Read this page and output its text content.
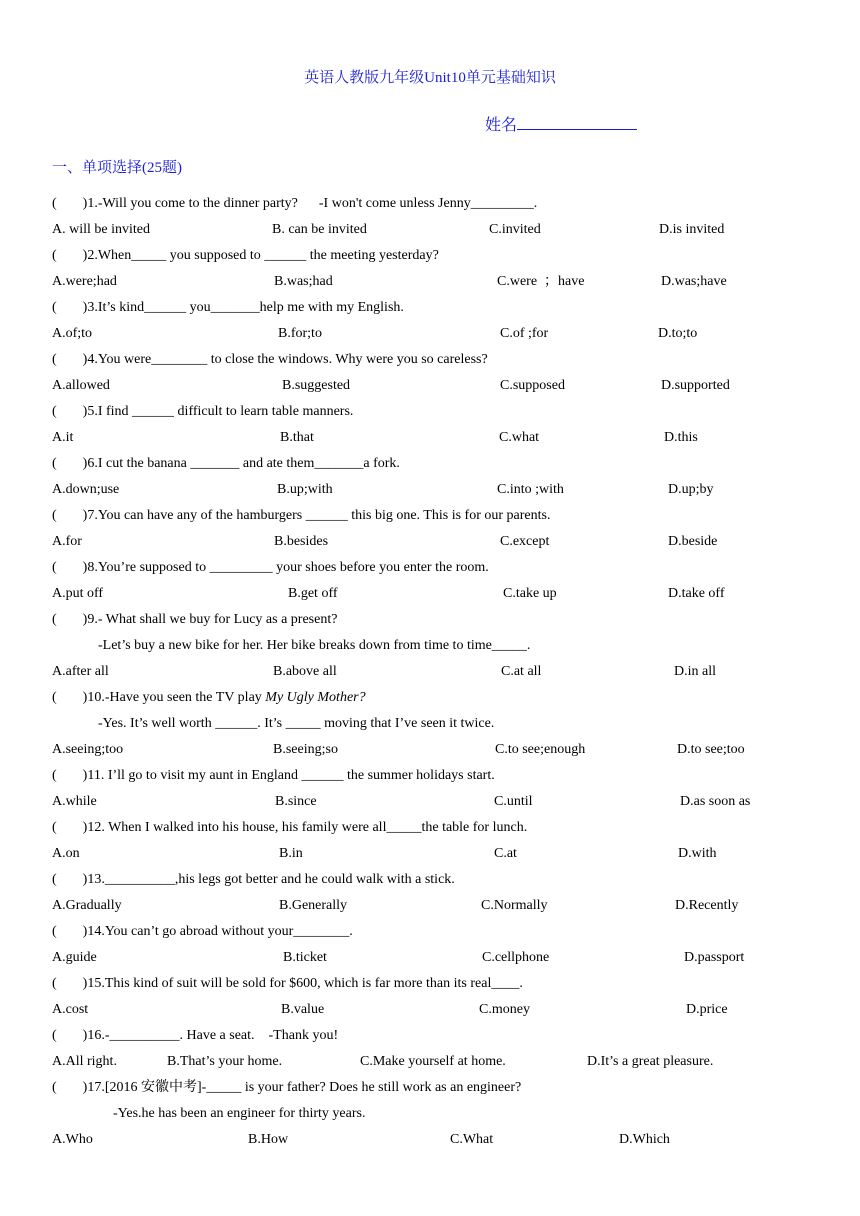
英语人教版九年级Unit10单元基础知识
姓名
一、单项选择(25题)
( )1.-Will you come to the dinner party?      -I won't come unless Jenny_________.
A. will be invited	B. can be invited	C.invited	D.is invited
( )2.When_____ you supposed to ______ the meeting yesterday?
A.were;had	B.was;had	C.were  ；have	D.was;have
( )3.It’s kind______ you_______help me with my English.
A.of;to	B.for;to	C.of ;for	D.to;to
( )4.You were________ to close the windows. Why were you so careless?
A.allowed	B.suggested	C.supposed	D.supported
( )5.I find ______ difficult to learn table manners.
A.it	B.that	C.what	D.this
( )6.I cut the banana _______ and ate them_______a fork.
A.down;use	B.up;with	C.into ;with	D.up;by
( )7.You can have any of the hamburgers ______ this big one. This is for our parents.
A.for	B.besides	C.except	D.beside
( )8.You’re supposed to _________ your shoes before you enter the room.
A.put off	B.get off	C.take up	D.take off
( )9.- What shall we buy for Lucy as a present?
-Let’s buy a new bike for her. Her bike breaks down from time to time_____.
A.after all	B.above all	C.at all	D.in all
( )10.-Have you seen the TV play My Ugly Mother?
-Yes. It’s well worth ______. It’s _____ moving that I’ve seen it twice.
A.seeing;too	B.seeing;so	C.to see;enough	D.to see;too
( )11. I’ll go to visit my aunt in England ______ the summer holidays start.
A.while	B.since	C.until	D.as soon as
( )12. When I walked into his house, his family were all_____the table for lunch.
A.on	B.in	C.at	D.with
( )13.__________,his legs got better and he could walk with a stick.
A.Gradually	B.Generally	C.Normally	D.Recently
( )14.You can’t go abroad without your________.
A.guide	B.ticket	C.cellphone	D.passport
( )15.This kind of suit will be sold for $600, which is far more than its real____.
A.cost	B.value	C.money	D.price
( )16.-__________. Have a seat.    -Thank you!
A.All right.	B.That’s your home.	C.Make yourself at home.	D.It’s a great pleasure.
( )17.[2016 安徽中考]-_____ is your father? Does he still work as an engineer?
-Yes.he has been an engineer for thirty years.
A.Who	B.How	C.What	D.Which
